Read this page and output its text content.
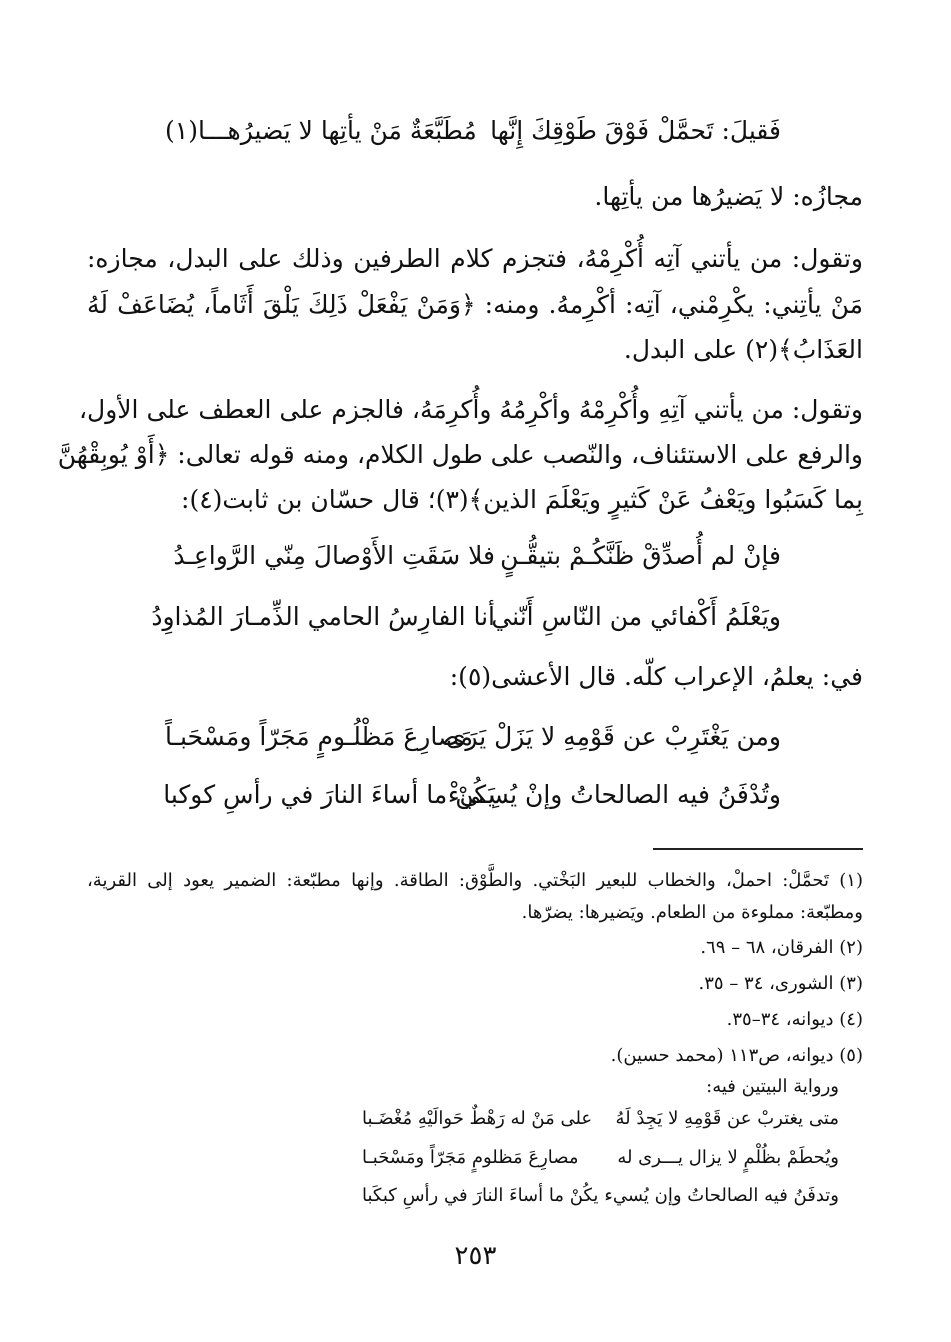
فَقيلَ: تَحمَّلْ فَوْقَ طَوْقِكَ إِنَّها
مُطَبَّعَةٌ مَنْ يأتِها لا يَضيرُهـــا(١)
مجازُه: لا يَضيرُها من يأتِها.
وتقول: من يأتني آتِه أُكْرِمْهُ، فتجزم كلام الطرفين وذلك على البدل، مجازه:
مَنْ يأتِني: يكْرِمْني، آتِه: أكْرِمهُ. ومنه: ﴿وَمَنْ يَفْعَلْ ذَلِكَ يَلْقَ أَثَاماً، يُضَاعَفْ لَهُ
العَذَابُ﴾(٢) على البدل.
وتقول: من يأتني آتِهِ وأُكْرِمْهُ وأكْرِمُهُ وأُكرِمَهُ، فالجزم على العطف على الأول،
والرفع على الاستئناف، والنّصب على طول الكلام، ومنه قوله تعالى: ﴿أَوْ يُوبِقْهُنَّ
بِما كَسَبُوا ويَعْفُ عَنْ كَثيرٍ ويَعْلَمَ الذين﴾(٣)؛ قال حسّان بن ثابت(٤):
فإنْ لم أُصدِّقْ ظَنَّكُـمْ بتيقُّـنٍ
فلا سَقَتِ الأَوْصالَ مِنّي الرَّواعِـدُ
ويَعْلَمُ أَكْفائي من النّاسِ أَنّني
أنا الفارِسُ الحامي الذِّمـارَ المُذاوِدُ
في: يعلمُ، الإعراب كلّه. قال الأعشى(٥):
ومن يَغْتَرِبْ عن قَوْمِهِ لا يَزَلْ يَرَى
مَصارِعَ مَظْلُـومٍ مَجَرّاً ومَسْحَبـاً
وتُدْفَنُ فيه الصالحاتُ وإنْ يُسِـيءْ
يَكُنْ ما أساءَ النارَ في رأسِ كوكبا
(١) تَحمَّلْ: احملْ، والخطاب للبعير البَخْتي. والطَّوْق: الطاقة. وإنها مطبّعة: الضمير يعود إلى القرية،
ومطبّعة: مملوءة من الطعام. ويَضيرها: يضرّها.
(٢) الفرقان، ٦٨ – ٦٩.
(٣) الشورى، ٣٤ – ٣٥.
(٤) ديوانه، ٣٤–٣٥.
(٥) ديوانه، ص١١٣ (محمد حسين).
ورواية البيتين فيه:
متى يغتربْ عن قَوْمِهِ لا يَجِدْ لَهُ
على مَنْ له رَهْطٌ حَوالَيْهِ مُغْضَـبا
ويُحطَمْ بظُلْمٍ لا يزال يـــرى له
مصارِعَ مَظلومٍ مَجَرّاً ومَسْحَبـا
وتدفَنُ فيه الصالحاتُ وإن يُسيء
يكُنْ ما أساءَ النارَ في رأسِ كبكَبا
٢٥٣
